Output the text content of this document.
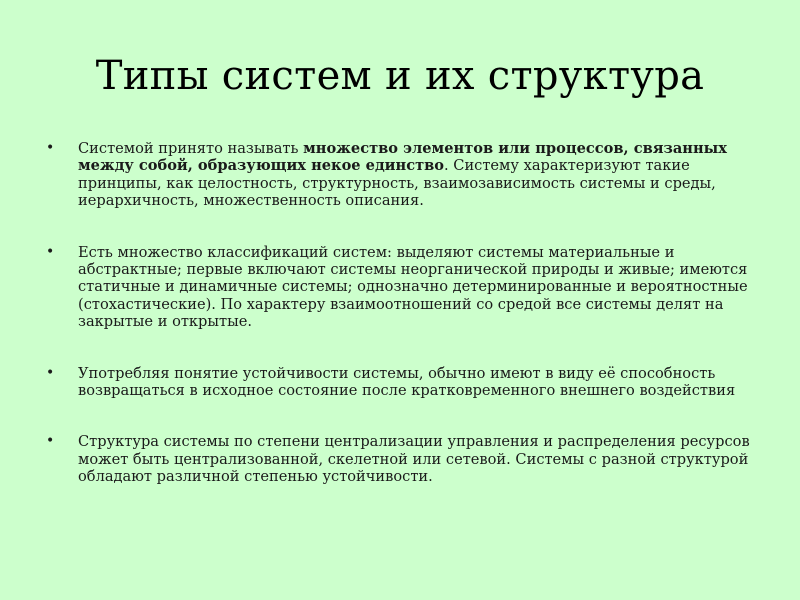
Типы систем и их структура
• Системой принято называть множество элементов или процессов, связанных между собой, образующих некое единство. Систему характеризуют такие принципы, как целостность, структурность, взаимозависимость системы и среды, иерархичность, множественность описания.
• Есть множество классификаций систем: выделяют системы материальные и абстрактные; первые включают системы неорганической природы и живые; имеются статичные и динамичные системы; однозначно детерминированные и вероятностные (стохастические). По характеру взаимоотношений со средой все системы делят на закрытые и открытые.
• Употребляя понятие устойчивости системы, обычно имеют в виду её способность возвращаться в исходное состояние после кратковременного внешнего воздействия
• Структура системы по степени централизации управления и распределения ресурсов может быть централизованной, скелетной или сетевой. Системы с разной структурой обладают различной степенью устойчивости.
